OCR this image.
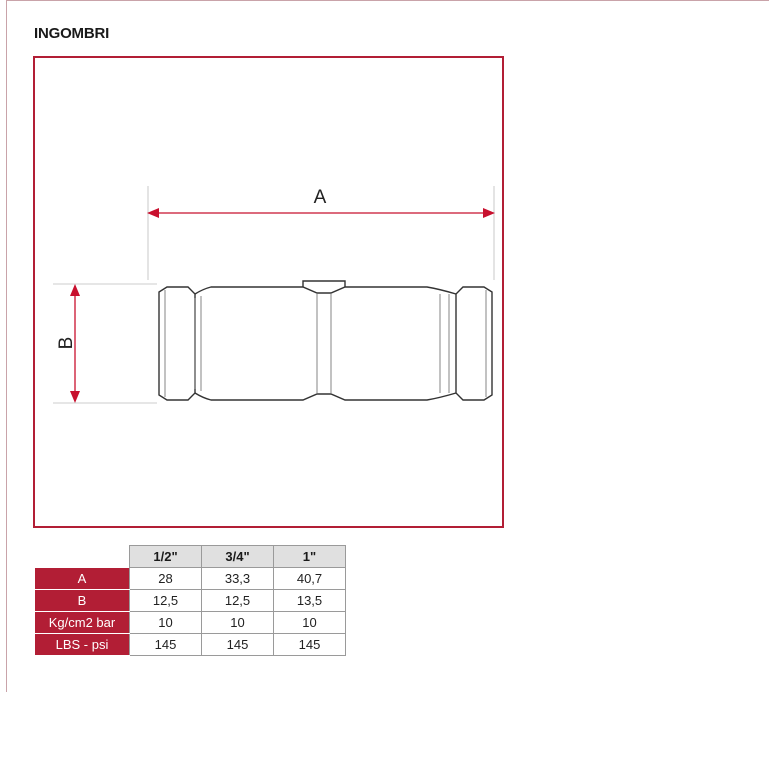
INGOMBRI
A
B
	1/2"	3/4"	1"
A	28	33,3	40,7
B	12,5	12,5	13,5
Kg/cm2 bar	10	10	10
LBS - psi	145	145	145
